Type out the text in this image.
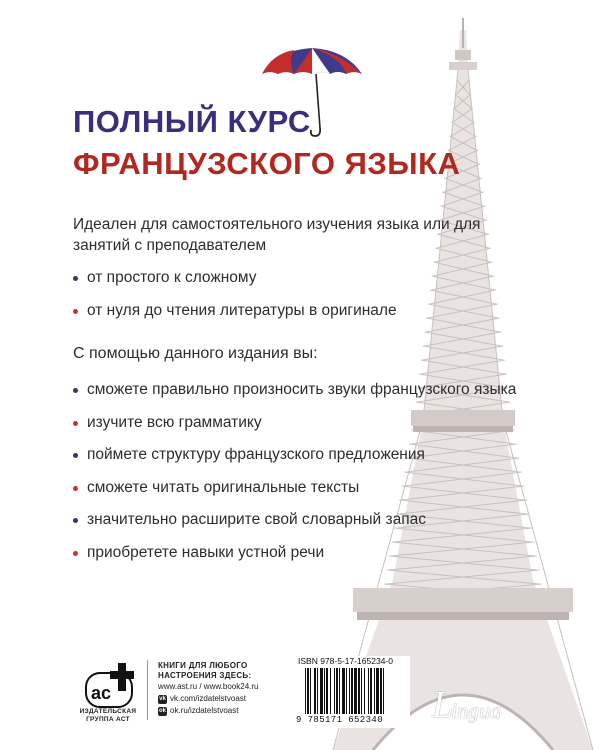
ПОЛНЫЙ КУРС
ФРАНЦУЗСКОГО ЯЗЫКА
Идеален для самостоятельного изучения языка или для занятий с преподавателем
от простого к сложному
от нуля до чтения литературы в оригинале
С помощью данного издания вы:
сможете правильно произносить звуки французского языка
изучите всю грамматику
поймете структуру французского предложения
сможете читать оригинальные тексты
значительно расширите свой словарный запас
приобретете навыки устной речи
ac
ИЗДАТЕЛЬСКАЯ
ГРУППА АСТ
КНИГИ ДЛЯ ЛЮБОГО
НАСТРОЕНИЯ ЗДЕСЬ:
www.ast.ru / www.book24.ru
vk vk.com/izdatelstvoast
ok ok.ru/izdatelstvoast
ISBN 978-5-17-165234-0
9 785171 652340	L
ingua
